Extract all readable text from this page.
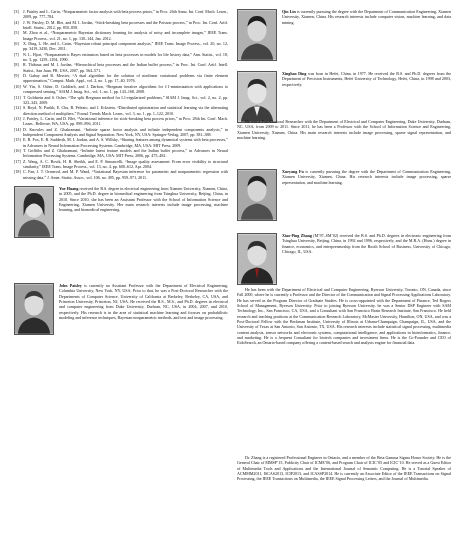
[3] J. Paisley and L. Carin, “Nonparametric factor analysis with beta process priors,” in Proc. 26th Annu. Int. Conf. Mach. Learn., 2009, pp. 777–784.
[4] J. W. Paisley, D. M. Blei, and M. I. Jordan, “Stick-breaking beta processes and the Poisson process,” in Proc. Int. Conf. Artif. Intell. Statist., 2012, pp. 850–858.
[5] M. Zhou et al., “Nonparametric Bayesian dictionary learning for analysis of noisy and incomplete images,” IEEE Trans. Image Process., vol. 21, no. 1, pp. 130–144, Jan. 2012.
[6] X. Ding, L. He, and L. Carin, “Bayesian robust principal component analysis,” IEEE Trans. Image Process., vol. 20, no. 12, pp. 3419–3430, Dec. 2011.
[7] N. L. Hjort, “Nonparametric Bayes estimators based on beta processes in models for life history data,” Ann. Statist., vol. 18, no. 3, pp. 1259–1294, 1990.
[8] R. Thibaux and M. I. Jordan, “Hierarchical beta processes and the Indian buffet process,” in Proc. Int. Conf. Artif. Intell. Statist., San Juan, PR, USA, 2007, pp. 564–571.
[9] D. Gabay and B. Mercier, “A dual algorithm for the solution of nonlinear variational problems via finite element approximation,” Comput. Math. Appl., vol. 2, no. 1, pp. 17–40, 1976.
[10] W. Yin, S. Osher, D. Goldfarb, and J. Darbon, “Bregman iterative algorithms for ℓ1-minimization with applications to compressed sensing,” SIAM J. Imag. Sci., vol. 1, no. 1, pp. 143–168, 2008.
[11] T. Goldstein and S. Osher, “The split Bregman method for L1-regularized problems,” SIAM J. Imag. Sci., vol. 2, no. 2, pp. 323–343, 2009.
[12] S. Boyd, N. Parikh, E. Chu, B. Peleato, and J. Eckstein, “Distributed optimization and statistical learning via the alternating direction method of multipliers,” Found. Trends Mach. Learn., vol. 3, no. 1, pp. 1–122, 2010.
[13] J. Paisley, L. Carin, and D. Blei, “Variational inference for stick-breaking beta process priors,” in Proc. 28th Int. Conf. Mach. Learn., Bellevue, WA, USA, pp. 889–896, 2011.
[14] D. Knowles and Z. Ghahramani, “Infinite sparse factor analysis and infinite independent components analysis,” in Independent Component Analysis and Signal Separation. New York, NY, USA: Springer-Verlag, 2007, pp. 381–388.
[15] E. B. Fox, E. B. Sudderth, M. I. Jordan, and A. S. Willsky, “Sharing features among dynamical systems with beta processes,” in Advances in Neural Information Processing Systems. Cambridge, MA, USA: MIT Press, 2009.
[16] T. Griffiths and Z. Ghahramani, “Infinite latent feature models and the Indian buffet process,” in Advances in Neural Information Processing Systems. Cambridge, MA, USA: MIT Press, 2006, pp. 475–482.
[17] Z. Wang, A. C. Bovik, H. R. Sheikh, and E. P. Simoncelli, “Image quality assessment: From error visibility to structural similarity,” IEEE Trans. Image Process., vol. 13, no. 4, pp. 600–612, Apr. 2004.
[18] C. Fan, J. T. Ormerod, and M. P. Wand, “Variational Bayesian inference for parametric and nonparametric regression with missing data,” J. Amer. Statist. Assoc., vol. 106, no. 495, pp. 959–971, 2011.
Yue Huang received the B.S. degree in electrical engineering from Xiamen University, Xiamen, China, in 2005, and the Ph.D. degree in biomedical engineering from Tsinghua University, Beijing, China, in 2010. Since 2010, she has been an Assistant Professor with the School of Information Science and Engineering, Xiamen University. Her main research interests include image processing, machine learning, and biomedical engineering.
John Paisley is currently an Assistant Professor with the Department of Electrical Engineering, Columbia University, New York, NY, USA. Prior to that, he was a Post-Doctoral Researcher with the Departments of Computer Science, University of California at Berkeley, Berkeley, CA, USA, and Princeton University, Princeton, NJ, USA. He received the B.S., M.S., and Ph.D. degrees in electrical and computer engineering from Duke University, Durham, NC, USA, in 2004, 2007, and 2010, respectively. His research is in the area of statistical machine learning and focuses on probabilistic modeling and inference techniques, Bayesian nonparametric methods, and text and image processing.
Qin Lin is currently pursuing the degree with the Department of Communication Engineering, Xiamen University, Xiamen, China. His research interests include computer vision, machine learning, and data mining.
Xinghao Ding was born in Hefei, China, in 1977. He received the B.S. and Ph.D. degrees from the Department of Precision Instruments, Hefei University of Technology, Hefei, China, in 1998 and 2003, respectively.
He was a Post-Doctoral Researcher with the Department of Electrical and Computer Engineering, Duke University, Durham, NC, USA, from 2009 to 2011. Since 2011, he has been a Professor with the School of Information Science and Engineering, Xiamen University, Xiamen, China. His main research interests include image processing, sparse signal representation, and machine learning.
Xueyang Fu is currently pursuing the degree with the Department of Communication Engineering, Xiamen University, Xiamen, China. His research interests include image processing, sparse representation, and machine learning.
Xiao-Ping Zhang (M’97–SM’02) received the B.S. and Ph.D. degrees in electronic engineering from Tsinghua University, Beijing, China, in 1992 and 1996, respectively, and the M.B.A. (Hons.) degree in finance, economics, and entrepreneurship from the Booth School of Business, University of Chicago, Chicago, IL, USA.
He has been with the Department of Electrical and Computer Engineering, Ryerson University, Toronto, ON, Canada, since Fall 2000, where he is currently a Professor and the Director of the Communication and Signal Processing Applications Laboratory. He has served as the Program Director of Graduate Studies. He is cross-appointed with the Department of Finance, Ted Rogers School of Management, Ryerson University. Prior to joining Ryerson University, he was a Senior DSP Engineer with SAM Technology, Inc., San Francisco, CA, USA, and a Consultant with San Francisco Brain Research Institute, San Francisco. He held research and teaching positions at the Communication Research Laboratory, McMaster University, Hamilton, ON, USA, and was a Post-Doctoral Fellow with the Beckman Institute, University of Illinois at Urbana-Champaign, Champaign, IL, USA, and the University of Texas at San Antonio, San Antonio, TX, USA. His research interests include statistical signal processing, multimedia content analysis, sensor networks and electronic systems, computational intelligence, and applications in bioinformatics, finance, and marketing. He is a frequent Consultant for biotech companies and investment firms. He is the Co-Founder and CEO of EidoSearch, an Ontario-based company offering a content-based search and analysis engine for financial data.
Dr. Zhang is a registered Professional Engineer in Ontario, and a member of the Beta Gamma Sigma Honor Society. He is the General Chair of MMSP’15, Publicity Chair of ICME’06, and Program Chair of ICIC’05 and ICIC’10. He served as a Guest Editor of Multimedia Tools and Applications and the International Journal of Semantic Computing. He is a Tutorial Speaker of ACMMM2011, ISCAS2013, ICIP2013, and ICASSP2014. He is currently an Associate Editor of the IEEE Transactions on Signal Processing, the IEEE Transactions on Multimedia, the IEEE Signal Processing Letters, and the Journal of Multimedia.
